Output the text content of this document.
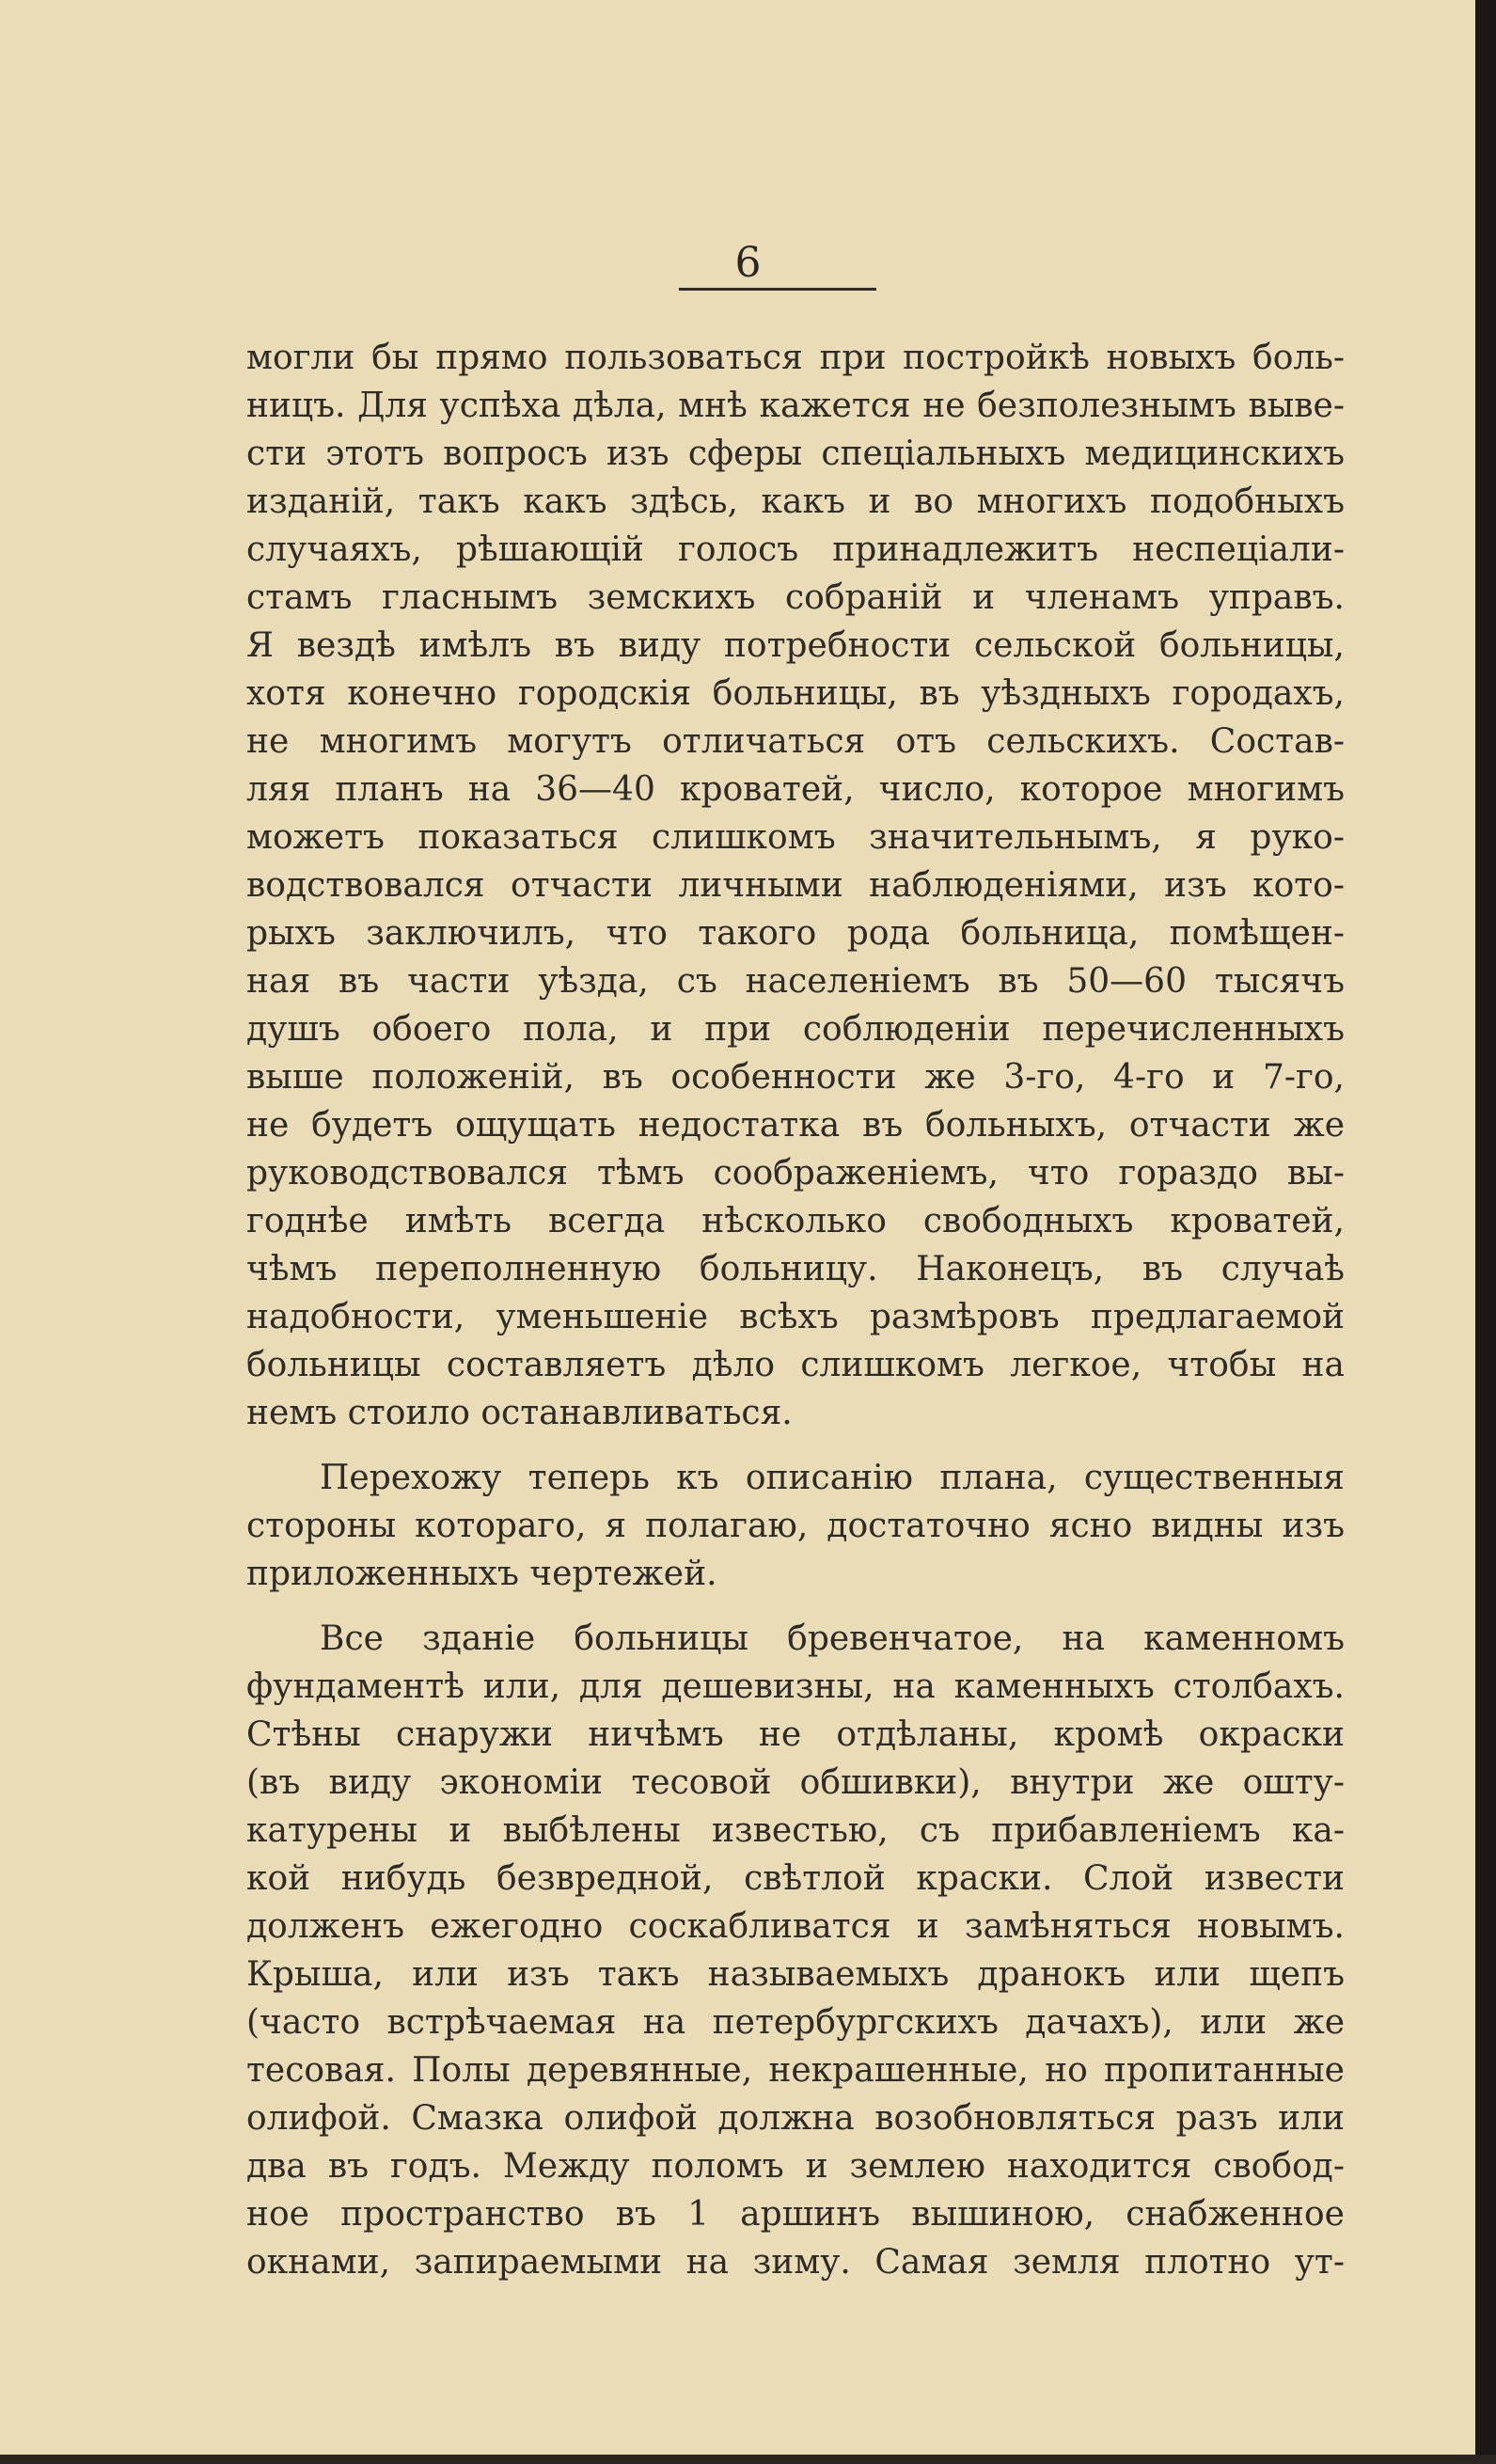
6
могли бы прямо пользоваться при постройкѣ новыхъ боль-
ницъ. Для успѣха дѣла, мнѣ кажется не безполезнымъ выве-
сти этотъ вопросъ изъ сферы спеціальныхъ медицинскихъ
изданій, такъ какъ здѣсь, какъ и во многихъ подобныхъ
случаяхъ, рѣшающій голосъ принадлежитъ неспеціали-
стамъ гласнымъ земскихъ собраній и членамъ управъ.
Я вездѣ имѣлъ въ виду потребности сельской больницы,
хотя конечно городскія больницы, въ уѣздныхъ городахъ,
не многимъ могутъ отличаться отъ сельскихъ. Состав-
ляя планъ на 36—40 кроватей, число, которое многимъ
можетъ показаться слишкомъ значительнымъ, я руко-
водствовался отчасти личными наблюденіями, изъ кото-
рыхъ заключилъ, что такого рода больница, помѣщен-
ная въ части уѣзда, съ населеніемъ въ 50—60 тысячъ
душъ обоего пола, и при соблюденіи перечисленныхъ
выше положеній, въ особенности же 3-го, 4-го и 7-го,
не будетъ ощущать недостатка въ больныхъ, отчасти же
руководствовался тѣмъ соображеніемъ, что гораздо вы-
годнѣе имѣть всегда нѣсколько свободныхъ кроватей,
чѣмъ переполненную больницу. Наконецъ, въ случаѣ
надобности, уменьшеніе всѣхъ размѣровъ предлагаемой
больницы составляетъ дѣло слишкомъ легкое, чтобы на
немъ стоило останавливаться.
Перехожу теперь къ описанію плана, существенныя
стороны котораго, я полагаю, достаточно ясно видны изъ
приложенныхъ чертежей.
Все зданіе больницы бревенчатое, на каменномъ
фундаментѣ или, для дешевизны, на каменныхъ столбахъ.
Стѣны снаружи ничѣмъ не отдѣланы, кромѣ окраски
(въ виду экономіи тесовой обшивки), внутри же ошту-
катурены и выбѣлены известью, съ прибавленіемъ ка-
кой нибудь безвредной, свѣтлой краски. Слой извести
долженъ ежегодно соскабливатся и замѣняться новымъ.
Крыша, или изъ такъ называемыхъ дранокъ или щепъ
(часто встрѣчаемая на петербургскихъ дачахъ), или же
тесовая. Полы деревянные, некрашенные, но пропитанные
олифой. Смазка олифой должна возобновляться разъ или
два въ годъ. Между поломъ и землею находится свобод-
ное пространство въ 1 аршинъ вышиною, снабженное
окнами, запираемыми на зиму. Самая земля плотно ут-
